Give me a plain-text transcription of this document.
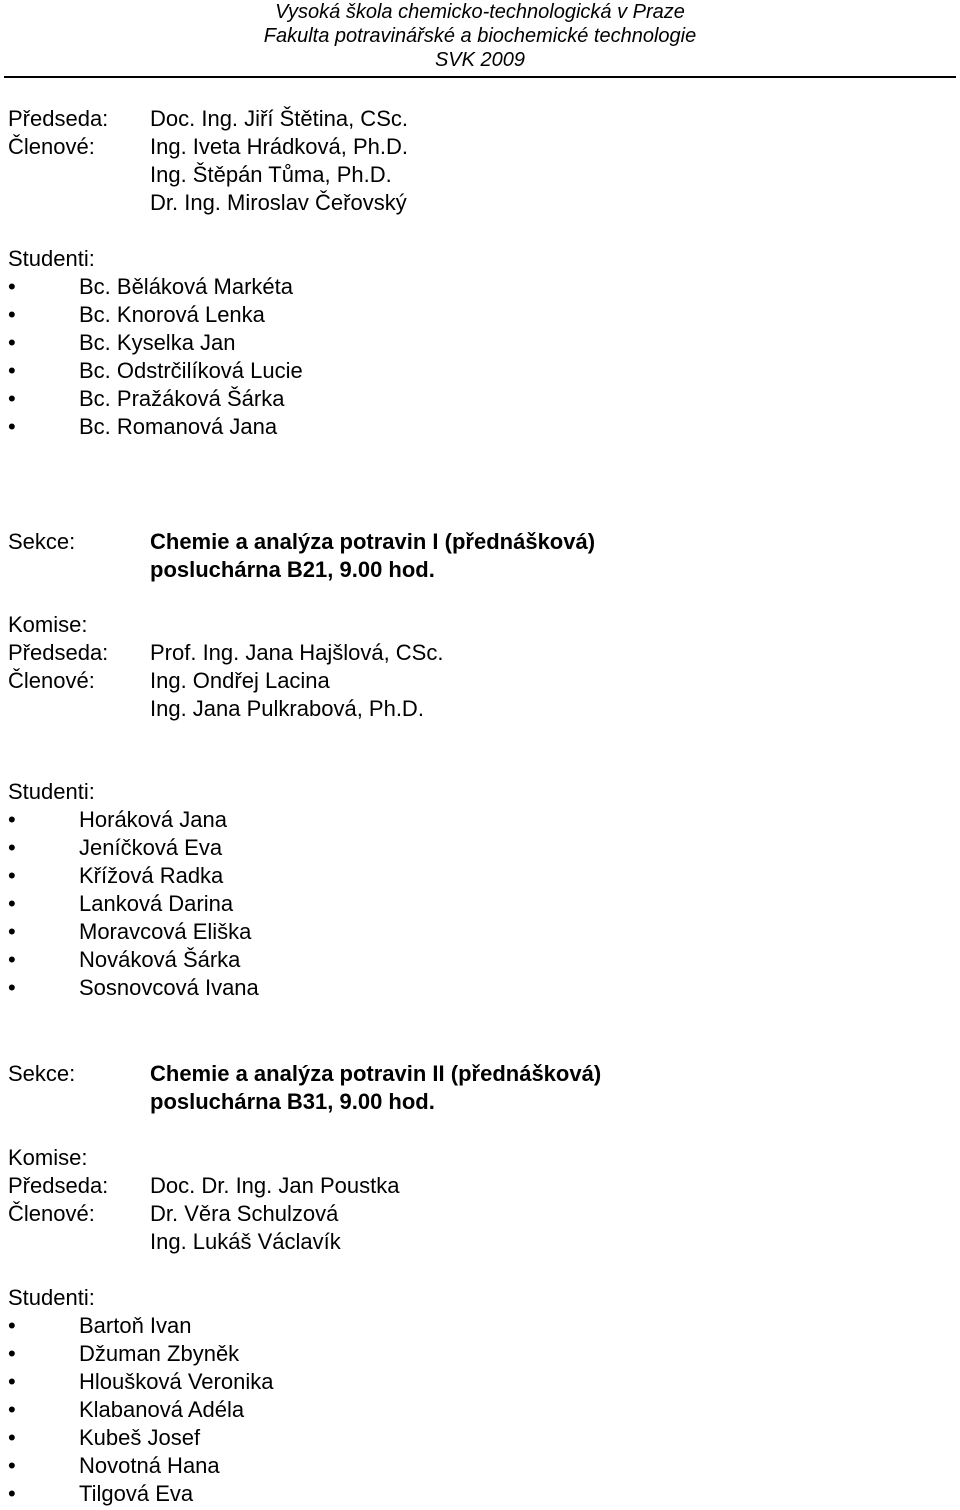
Vysoká škola chemicko-technologická v Praze
Fakulta potravinářské a biochemické technologie
SVK 2009
Předseda: Doc. Ing. Jiří Štětina, CSc.
Členové:	Ing. Iveta Hrádková, Ph.D.
Ing. Štěpán Tůma, Ph.D.
Dr. Ing. Miroslav Čeřovský
Studenti:
•	Bc. Běláková Markéta
•	Bc. Knorová Lenka
•	Bc. Kyselka Jan
•	Bc. Odstrčilíková Lucie
•	Bc. Pražáková Šárka
•	Bc. Romanová Jana
Sekce:	Chemie a analýza potravin I (přednášková)
posluchárna B21, 9.00 hod.
Komise:
Předseda: Prof. Ing. Jana Hajšlová, CSc.
Členové:	Ing. Ondřej Lacina
Ing. Jana Pulkrabová, Ph.D.
Studenti:
•	Horáková Jana
•	Jeníčková Eva
•	Křížová Radka
•	Lanková Darina
•	Moravcová Eliška
•	Nováková Šárka
•	Sosnovcová Ivana
Sekce:	Chemie a analýza potravin II (přednášková)
posluchárna B31, 9.00 hod.
Komise:
Předseda: Doc. Dr. Ing. Jan Poustka
Členové:	Dr. Věra Schulzová
Ing. Lukáš Václavík
Studenti:
•	Bartoň Ivan
•	Džuman Zbyněk
•	Hloušková Veronika
•	Klabanová Adéla
•	Kubeš Josef
•	Novotná Hana
•	Tilgová Eva
